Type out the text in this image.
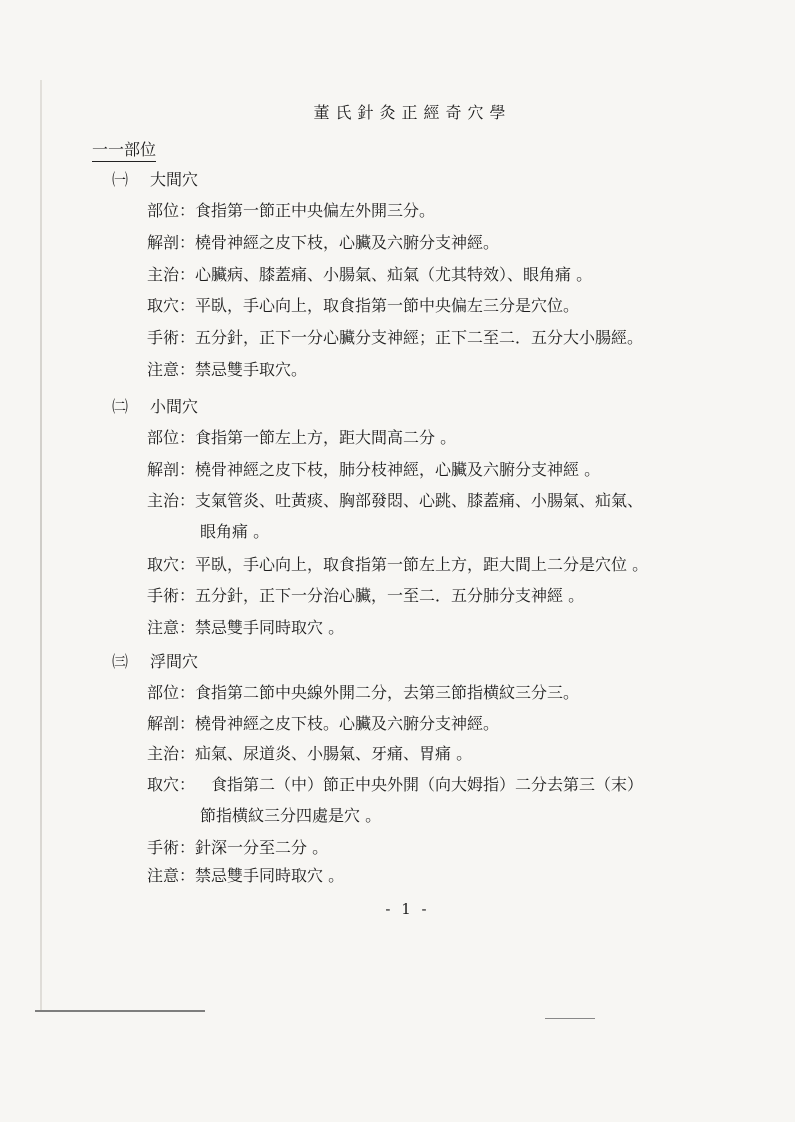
董氏針灸正經奇穴學
一一部位
㈠ 大間穴
部位：食指第一節正中央偏左外開三分。
解剖：橈骨神經之皮下枝，心臟及六腑分支神經。
主治：心臟病、膝蓋痛、小腸氣、疝氣（尤其特效）、眼角痛 。
取穴：平臥，手心向上，取食指第一節中央偏左三分是穴位。
手術：五分針，正下一分心臟分支神經；正下二至二．五分大小腸經。
注意：禁忌雙手取穴。
㈡ 小間穴
部位：食指第一節左上方，距大間高二分 。
解剖：橈骨神經之皮下枝，肺分枝神經，心臟及六腑分支神經 。
主治：支氣管炎、吐黃痰、胸部發悶、心跳、膝蓋痛、小腸氣、疝氣、
眼角痛 。
取穴：平臥，手心向上，取食指第一節左上方，距大間上二分是穴位 。
手術：五分針，正下一分治心臟，一至二．五分肺分支神經 。
注意：禁忌雙手同時取穴 。
㈢ 浮間穴
部位：食指第二節中央線外開二分，去第三節指横紋三分三。
解剖：橈骨神經之皮下枝。心臟及六腑分支神經。
主治：疝氣、尿道炎、小腸氣、牙痛、胃痛 。
取穴：　食指第二（中）節正中央外開（向大姆指）二分去第三（末）
節指横紋三分四處是穴 。
手術：針深一分至二分 。
注意：禁忌雙手同時取穴 。
- 1 -
